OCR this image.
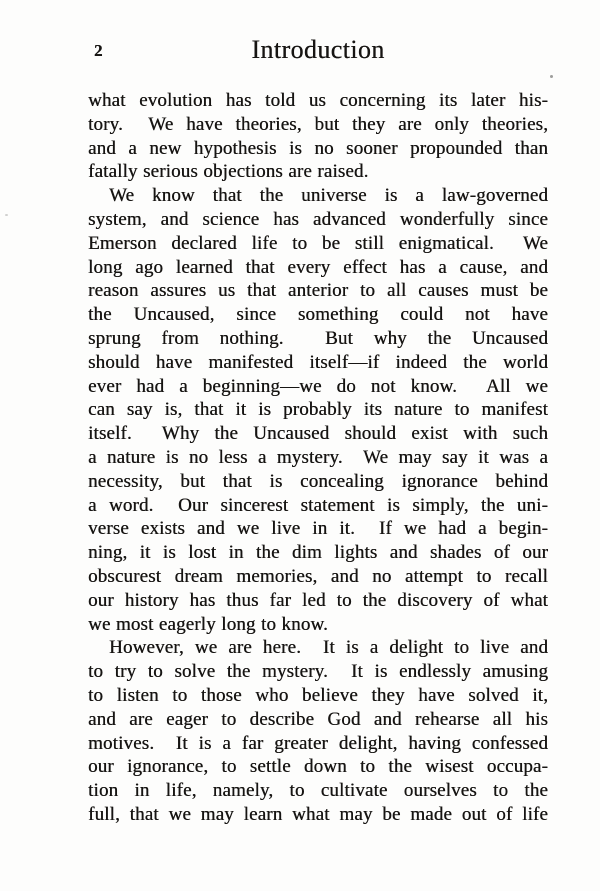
2	Introduction
what evolution has told us concerning its later his-
tory.  We have theories, but they are only theories,
and a new hypothesis is no sooner propounded than
fatally serious objections are raised.
We know that the universe is a law-governed
system, and science has advanced wonderfully since
Emerson declared life to be still enigmatical.  We
long ago learned that every effect has a cause, and
reason assures us that anterior to all causes must be
the Uncaused, since something could not have
sprung from nothing.  But why the Uncaused
should have manifested itself—if indeed the world
ever had a beginning—we do not know.  All we
can say is, that it is probably its nature to manifest
itself.  Why the Uncaused should exist with such
a nature is no less a mystery.  We may say it was a
necessity, but that is concealing ignorance behind
a word.  Our sincerest statement is simply, the uni-
verse exists and we live in it.  If we had a begin-
ning, it is lost in the dim lights and shades of our
obscurest dream memories, and no attempt to recall
our history has thus far led to the discovery of what
we most eagerly long to know.
However, we are here.  It is a delight to live and
to try to solve the mystery.  It is endlessly amusing
to listen to those who believe they have solved it,
and are eager to describe God and rehearse all his
motives.  It is a far greater delight, having confessed
our ignorance, to settle down to the wisest occupa-
tion in life, namely, to cultivate ourselves to the
full, that we may learn what may be made out of life
